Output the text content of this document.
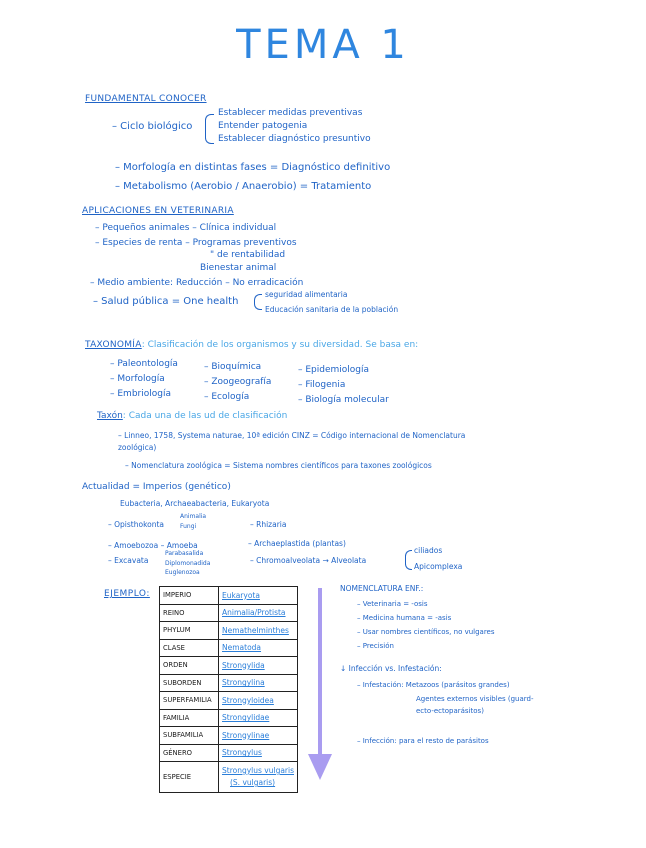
TEMA 1
FUNDAMENTAL CONOCER
– Ciclo biológico
Establecer medidas preventivas
Entender patogenia
Establecer diagnóstico presuntivo
– Morfología en distintas fases = Diagnóstico definitivo
– Metabolismo (Aerobio / Anaerobio) = Tratamiento
APLICACIONES EN VETERINARIA
– Pequeños animales – Clínica individual
– Especies de renta – Programas preventivos
" de rentabilidad
Bienestar animal
– Medio ambiente: Reducción – No erradicación
– Salud pública = One health
seguridad alimentaria
Educación sanitaria de la población
TAXONOMÍA: Clasificación de los organismos y su diversidad. Se basa en:
– Paleontología
– Morfología
– Embriología
– Bioquímica
– Zoogeografía
– Ecología
– Epidemiología
– Filogenia
– Biología molecular
Taxón: Cada una de las ud de clasificación
– Linneo, 1758, Systema naturae, 10ª edición CINZ = Código internacional de Nomenclatura
zoológica)
– Nomenclatura zoológica = Sistema nombres científicos para taxones zoológicos
Actualidad = Imperios (genético)
Eubacteria, Archaeabacteria, Eukaryota
– Opisthokonta
Animalia
Fungi	– Rhizaria
– Amoebozoa – Amoeba	– Archaeplastida (plantas)
– Excavata
Parabasalida
Diplomonadida
Euglenozoa
– Chromoalveolata → Alveolata
ciliados
Apicomplexa
EJEMPLO: IMPERIO	Eukaryota
REINO	Animalia/Protista
PHYLUM	Nemathelminthes
CLASE	Nematoda
ORDEN	Strongylida
SUBORDEN	Strongylina
SUPERFAMILIA	Strongyloidea
FAMILIA	Strongylidae
SUBFAMILIA	Strongylinae
GÉNERO	Strongylus
ESPECIE	Strongylus vulgaris
(S. vulgaris)
NOMENCLATURA ENF.:
– Veterinaria = -osis
– Medicina humana = -asis
– Usar nombres científicos, no vulgares
– Precisión
↓ Infección vs. Infestación:
– Infestación: Metazoos (parásitos grandes)
Agentes externos visibles (guard-
ecto-ectoparásitos)
– Infección: para el resto de parásitos
